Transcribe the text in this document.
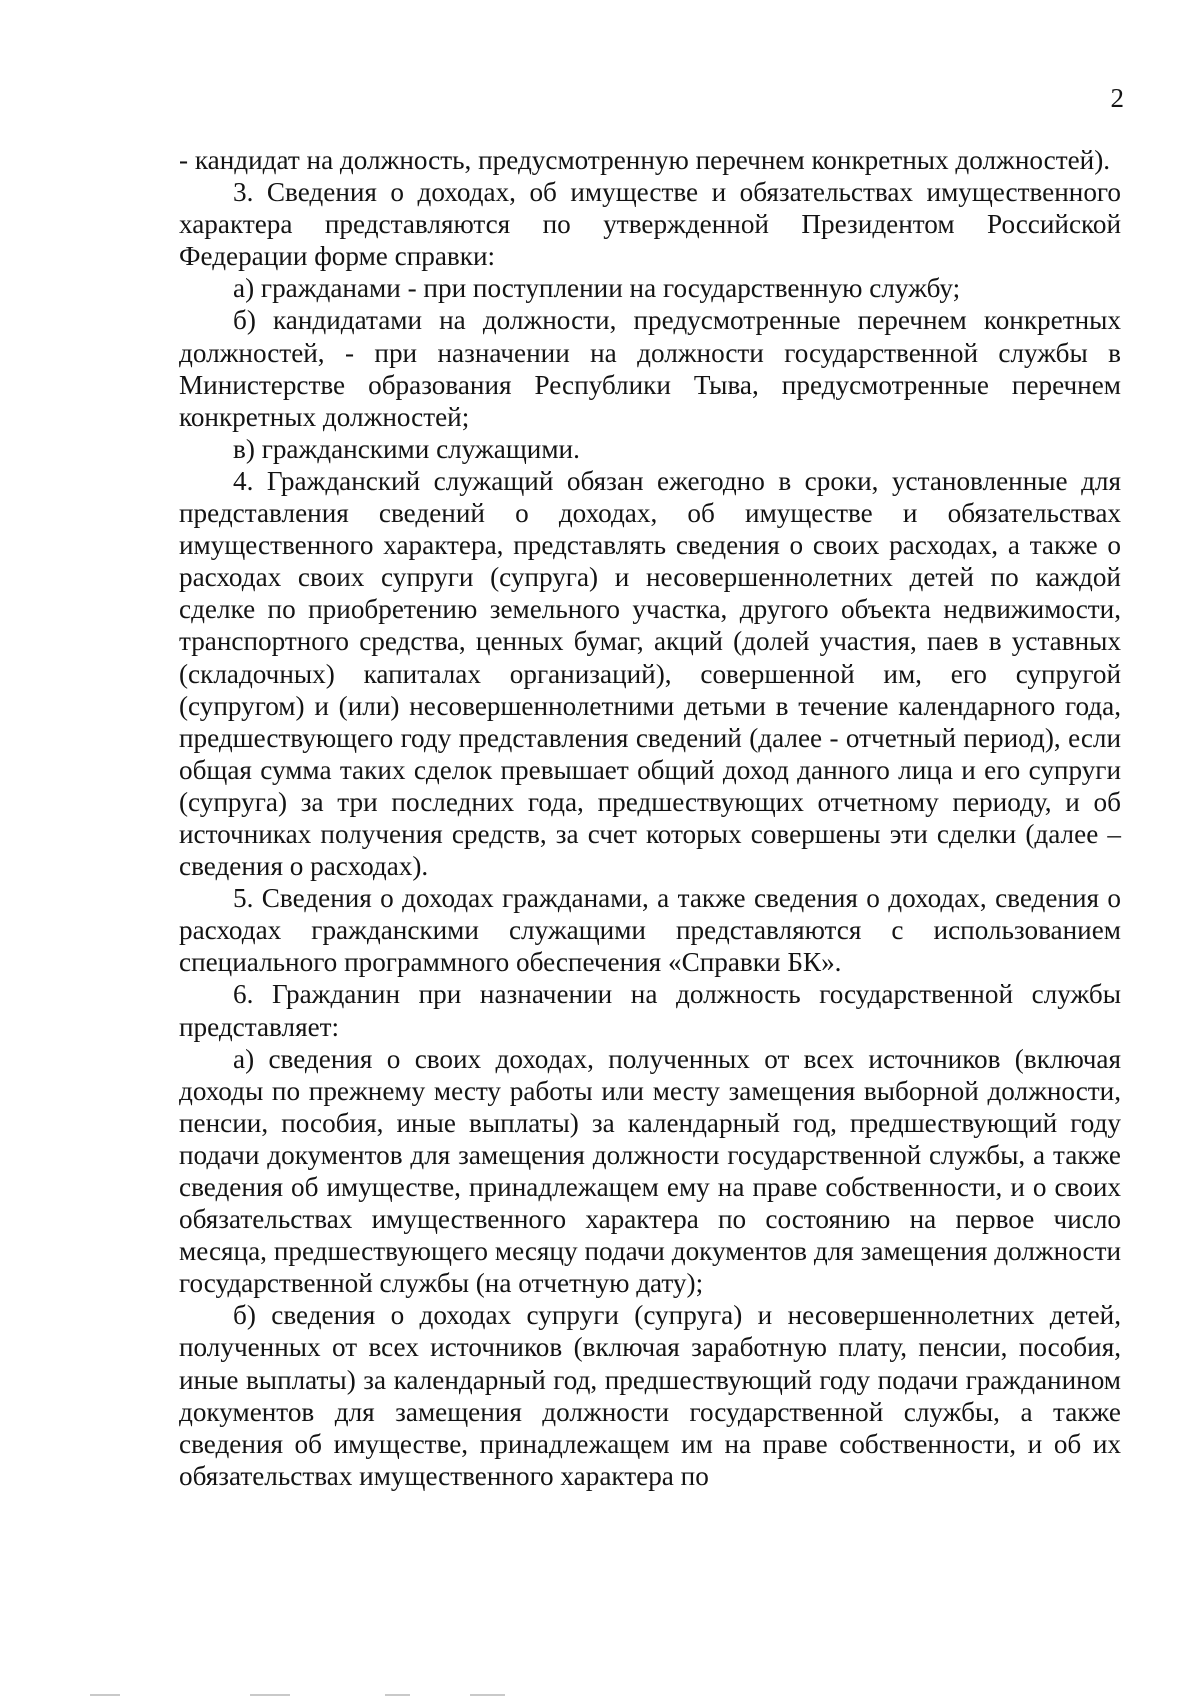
2

- кандидат на должность, предусмотренную перечнем конкретных должностей).

3. Сведения о доходах, об имуществе и обязательствах имущественного характера представляются по утвержденной Президентом Российской Федерации форме справки:

а) гражданами - при поступлении на государственную службу;

б) кандидатами на должности, предусмотренные перечнем конкретных должностей, - при назначении на должности государственной службы в Министерстве образования Республики Тыва, предусмотренные перечнем конкретных должностей;

в) гражданскими служащими.

4. Гражданский служащий обязан ежегодно в сроки, установленные для представления сведений о доходах, об имуществе и обязательствах имущественного характера, представлять сведения о своих расходах, а также о расходах своих супруги (супруга) и несовершеннолетних детей по каждой сделке по приобретению земельного участка, другого объекта недвижимости, транспортного средства, ценных бумаг, акций (долей участия, паев в уставных (складочных) капиталах организаций), совершенной им, его супругой (супругом) и (или) несовершеннолетними детьми в течение календарного года, предшествующего году представления сведений (далее - отчетный период), если общая сумма таких сделок превышает общий доход данного лица и его супруги (супруга) за три последних года, предшествующих отчетному периоду, и об источниках получения средств, за счет которых совершены эти сделки (далее – сведения о расходах).

5. Сведения о доходах гражданами, а также сведения о доходах, сведения о расходах гражданскими служащими представляются с использованием специального программного обеспечения «Справки БК».

6. Гражданин при назначении на должность государственной службы представляет:

а) сведения о своих доходах, полученных от всех источников (включая доходы по прежнему месту работы или месту замещения выборной должности, пенсии, пособия, иные выплаты) за календарный год, предшествующий году подачи документов для замещения должности государственной службы, а также сведения об имуществе, принадлежащем ему на праве собственности, и о своих обязательствах имущественного характера по состоянию на первое число месяца, предшествующего месяцу подачи документов для замещения должности государственной службы (на отчетную дату);

б) сведения о доходах супруги (супруга) и несовершеннолетних детей, полученных от всех источников (включая заработную плату, пенсии, пособия, иные выплаты) за календарный год, предшествующий году подачи гражданином документов для замещения должности государственной службы, а также сведения об имуществе, принадлежащем им на праве собственности, и об их обязательствах имущественного характера по
